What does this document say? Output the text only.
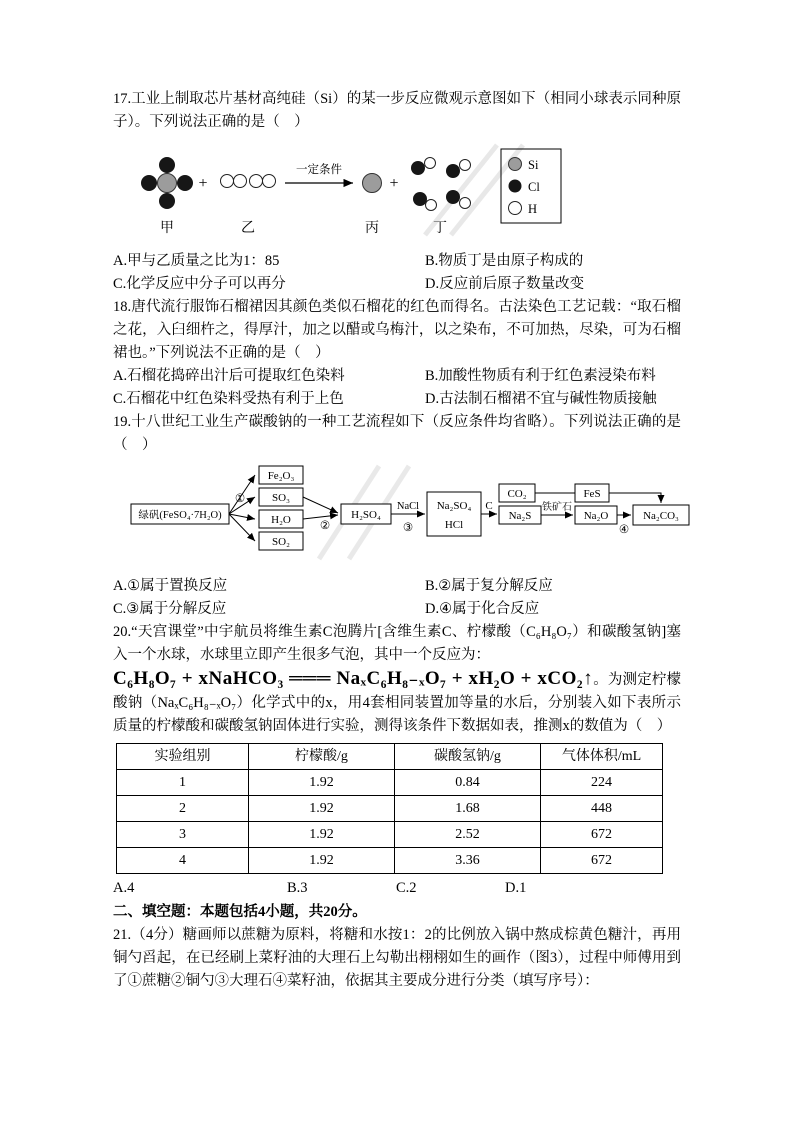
17.工业上制取芯片基材高纯硅（Si）的某一步反应微观示意图如下（相同小球表示同种原子）。下列说法正确的是（　）

甲
+
乙
一定条件
丙
+
丁
Si
Cl
H
A.甲与乙质量之比为1：85	B.物质丁是由原子构成的
C.化学反应中分子可以再分	D.反应前后原子数量改变

18.唐代流行服饰石榴裙因其颜色类似石榴花的红色而得名。古法染色工艺记载：“取石榴之花，入臼细杵之，得厚汁，加之以醋或乌梅汁，以之染布，不可加热，尽染，可为石榴裙也。”下列说法不正确的是（　）

A.石榴花捣碎出汁后可提取红色染料	B.加酸性物质有利于红色素浸染布料
C.石榴花中红色染料受热有利于上色	D.古法制石榴裙不宜与碱性物质接触

19.十八世纪工业生产碳酸钠的一种工艺流程如下（反应条件均省略）。下列说法正确的是（　）

绿矾(FeSO₄·7H₂O)
①
Fe₂O₃
SO₃
H₂O
SO₂
②
H₂SO₄
NaCl
③
Na₂SO₄
HCl
C
CO₂
Na₂S
铁矿石
FeS
Na₂O
④
Na₂CO₃
A.①属于置换反应	B.②属于复分解反应
C.③属于分解反应	D.④属于化合反应

20.“天宫课堂”中宇航员将维生素C泡腾片[含维生素C、柠檬酸（C₆H₈O₇）和碳酸氢钠]塞入一个水球，水球里立即产生很多气泡，其中一个反应为：

C₆H₈O₇ + xNaHCO₃ ═══ NaₓC₆H₈₋ₓO₇ + xH₂O + xCO₂↑。为测定柠檬酸钠（NaₓC₆H₈₋ₓO₇）化学式中的x，用4套相同装置加等量的水后，分别装入如下表所示质量的柠檬酸和碳酸氢钠固体进行实验，测得该条件下数据如表，推测x的数值为（　）

实验组别	柠檬酸/g	碳酸氢钠/g	气体体积/mL
1	1.92	0.84	224
2	1.92	1.68	448
3	1.92	2.52	672
4	1.92	3.36	672
A.4	B.3	C.2	D.1

二、填空题：本题包括4小题，共20分。

21.（4分）糖画师以蔗糖为原料，将糖和水按1：2的比例放入锅中熬成棕黄色糖汁，再用铜勺舀起，在已经刷上菜籽油的大理石上勾勒出栩栩如生的画作（图3），过程中师傅用到了①蔗糖②铜勺③大理石④菜籽油，依据其主要成分进行分类（填写序号）：
